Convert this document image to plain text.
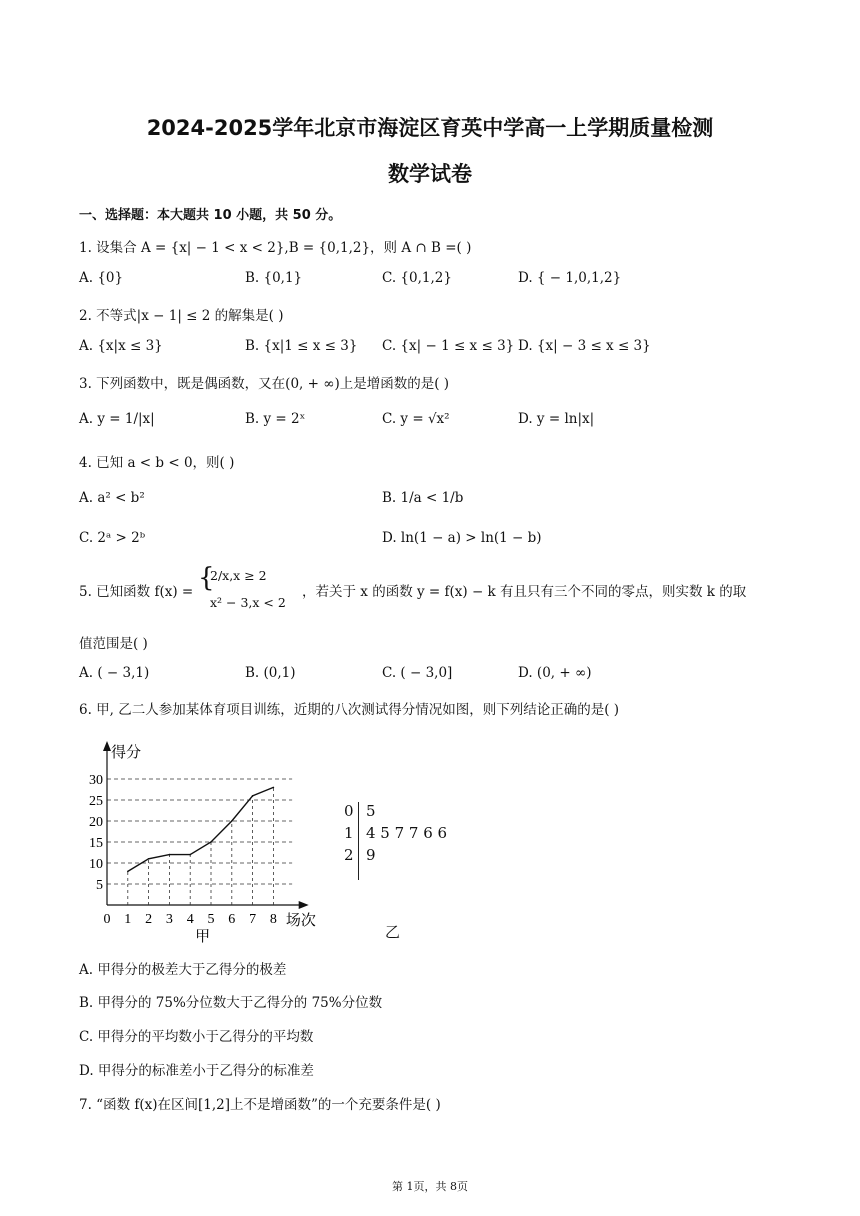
2024-2025学年北京市海淀区育英中学高一上学期质量检测
数学试卷
一、选择题：本大题共 10 小题，共 50 分。
1. 设集合 A = {x| − 1 < x < 2},B = {0,1,2}，则 A ∩ B =( )
A. {0}	B. {0,1}	C. {0,1,2}	D. { − 1,0,1,2}
2. 不等式|x − 1| ≤ 2 的解集是( )
A. {x|x ≤ 3}	B. {x|1 ≤ x ≤ 3} C. {x| − 1 ≤ x ≤ 3} D. {x| − 3 ≤ x ≤ 3}
3. 下列函数中，既是偶函数，又在(0, + ∞)上是增函数的是( )
A. y = 1/|x|	B. y = 2ˣ	C. y = √x²	D. y = ln|x|
4. 已知 a < b < 0，则( )
A. a² < b²	B. 1/a < 1/b
C. 2ᵃ > 2ᵇ	D. ln(1 − a) > ln(1 − b)
5. 已知函数 f(x) = {
2/x,x ≥ 2
x² − 3,x < 2
，若关于 x 的函数 y = f(x) − k 有且只有三个不同的零点，则实数 k 的取
值范围是( )
A. ( − 3,1)	B. (0,1)	C. ( − 3,0]	D. (0, + ∞)
6. 甲, 乙二人参加某体育项目训练，近期的八次测试得分情况如图，则下列结论正确的是( )
5
10
15
20
25
30
0 1 2 3 4 5 6 7 8
得分
场次
甲
0 5
1 4 5 7 7 6 6
2 9
乙
A. 甲得分的极差大于乙得分的极差
B. 甲得分的 75%分位数大于乙得分的 75%分位数
C. 甲得分的平均数小于乙得分的平均数
D. 甲得分的标准差小于乙得分的标准差
7. “函数 f(x)在区间[1,2]上不是增函数”的一个充要条件是( )
第 1页，共 8页
